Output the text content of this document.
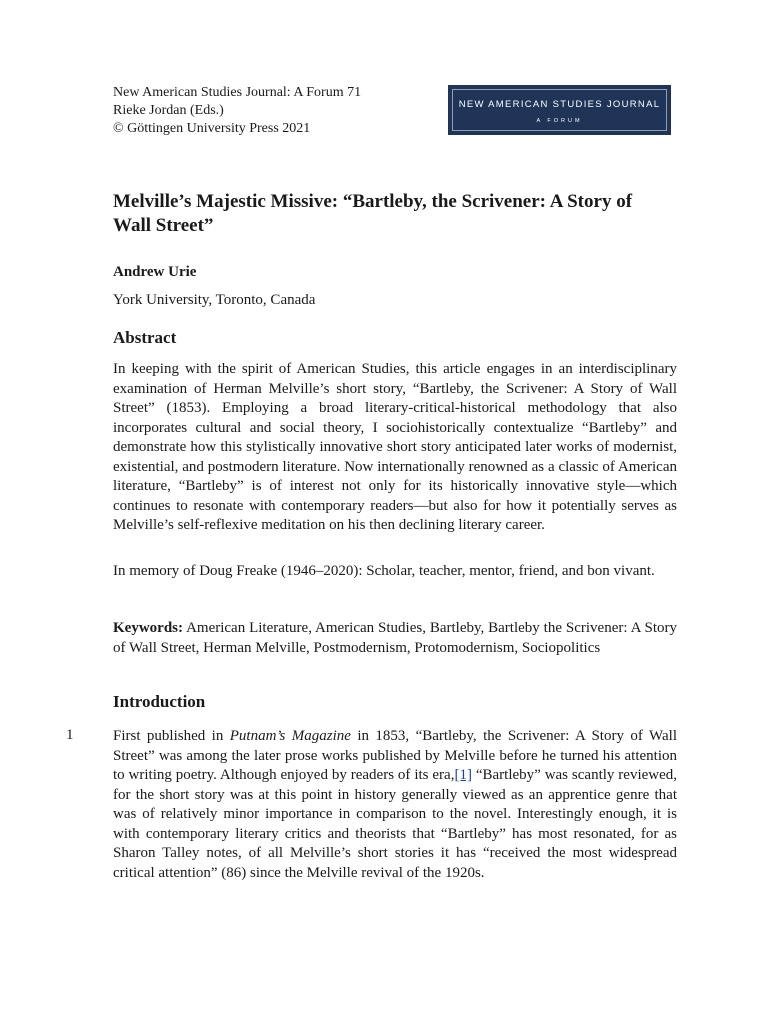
New American Studies Journal: A Forum 71
Rieke Jordan (Eds.)
© Göttingen University Press 2021
NEW AMERICAN STUDIES JOURNAL
A FORUM
Melville’s Majestic Missive: “Bartleby, the Scrivener: A Story of Wall Street”
Andrew Urie
York University, Toronto, Canada
Abstract

In keeping with the spirit of American Studies, this article engages in an interdisciplinary examination of Herman Melville’s short story, “Bartleby, the Scrivener: A Story of Wall Street” (1853). Employing a broad literary-critical-historical methodology that also incorporates cultural and social theory, I sociohistorically contextualize “Bartleby” and demonstrate how this stylistically innovative short story anticipated later works of modernist, existential, and postmodern literature. Now internationally renowned as a classic of American literature, “Bartleby” is of interest not only for its historically innovative style—which continues to resonate with contemporary readers—but also for how it potentially serves as Melville’s self-reflexive meditation on his then declining literary career.

In memory of Doug Freake (1946–2020): Scholar, teacher, mentor, friend, and bon vivant.

Keywords: American Literature, American Studies, Bartleby, Bartleby the Scrivener: A Story of Wall Street, Herman Melville, Postmodernism, Protomodernism, Sociopolitics

Introduction
1	First published in Putnam’s Magazine in 1853, “Bartleby, the Scrivener: A Story of Wall Street” was among the later prose works published by Melville before he turned his attention to writing poetry. Although enjoyed by readers of its era,[1] “Bartleby” was scantly reviewed, for the short story was at this point in history generally viewed as an apprentice genre that was of relatively minor importance in comparison to the novel. Interestingly enough, it is with contemporary literary critics and theorists that “Bartleby” has most resonated, for as Sharon Talley notes, of all Melville’s short stories it has “received the most widespread critical attention” (86) since the Melville revival of the 1920s.
